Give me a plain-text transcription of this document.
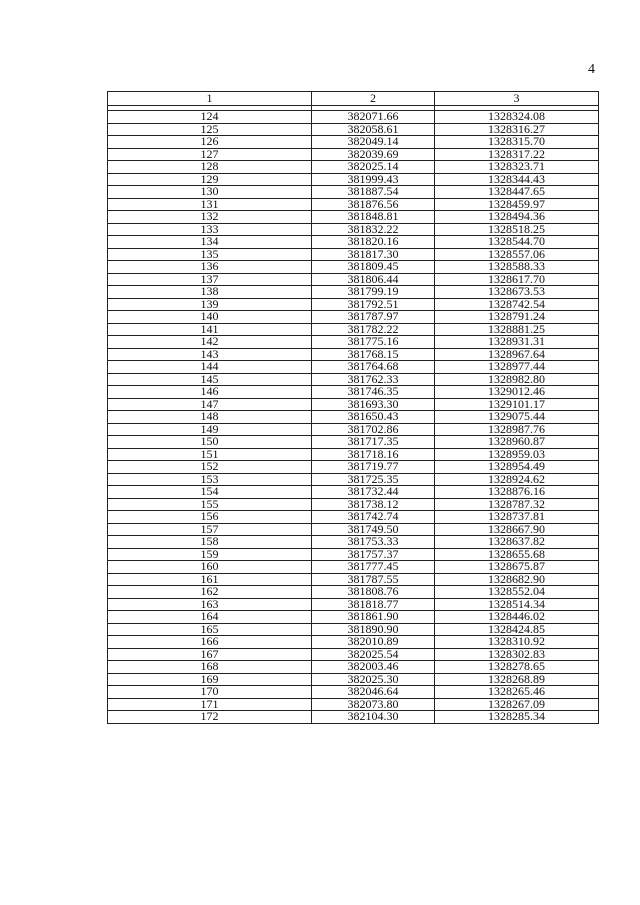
4
1	2	3

124	382071.66	1328324.08
125	382058.61	1328316.27
126	382049.14	1328315.70
127	382039.69	1328317.22
128	382025.14	1328323.71
129	381999.43	1328344.43
130	381887.54	1328447.65
131	381876.56	1328459.97
132	381848.81	1328494.36
133	381832.22	1328518.25
134	381820.16	1328544.70
135	381817.30	1328557.06
136	381809.45	1328588.33
137	381806.44	1328617.70
138	381799.19	1328673.53
139	381792.51	1328742.54
140	381787.97	1328791.24
141	381782.22	1328881.25
142	381775.16	1328931.31
143	381768.15	1328967.64
144	381764.68	1328977.44
145	381762.33	1328982.80
146	381746.35	1329012.46
147	381693.30	1329101.17
148	381650.43	1329075.44
149	381702.86	1328987.76
150	381717.35	1328960.87
151	381718.16	1328959.03
152	381719.77	1328954.49
153	381725.35	1328924.62
154	381732.44	1328876.16
155	381738.12	1328787.32
156	381742.74	1328737.81
157	381749.50	1328667.90
158	381753.33	1328637.82
159	381757.37	1328655.68
160	381777.45	1328675.87
161	381787.55	1328682.90
162	381808.76	1328552.04
163	381818.77	1328514.34
164	381861.90	1328446.02
165	381890.90	1328424.85
166	382010.89	1328310.92
167	382025.54	1328302.83
168	382003.46	1328278.65
169	382025.30	1328268.89
170	382046.64	1328265.46
171	382073.80	1328267.09
172	382104.30	1328285.34
